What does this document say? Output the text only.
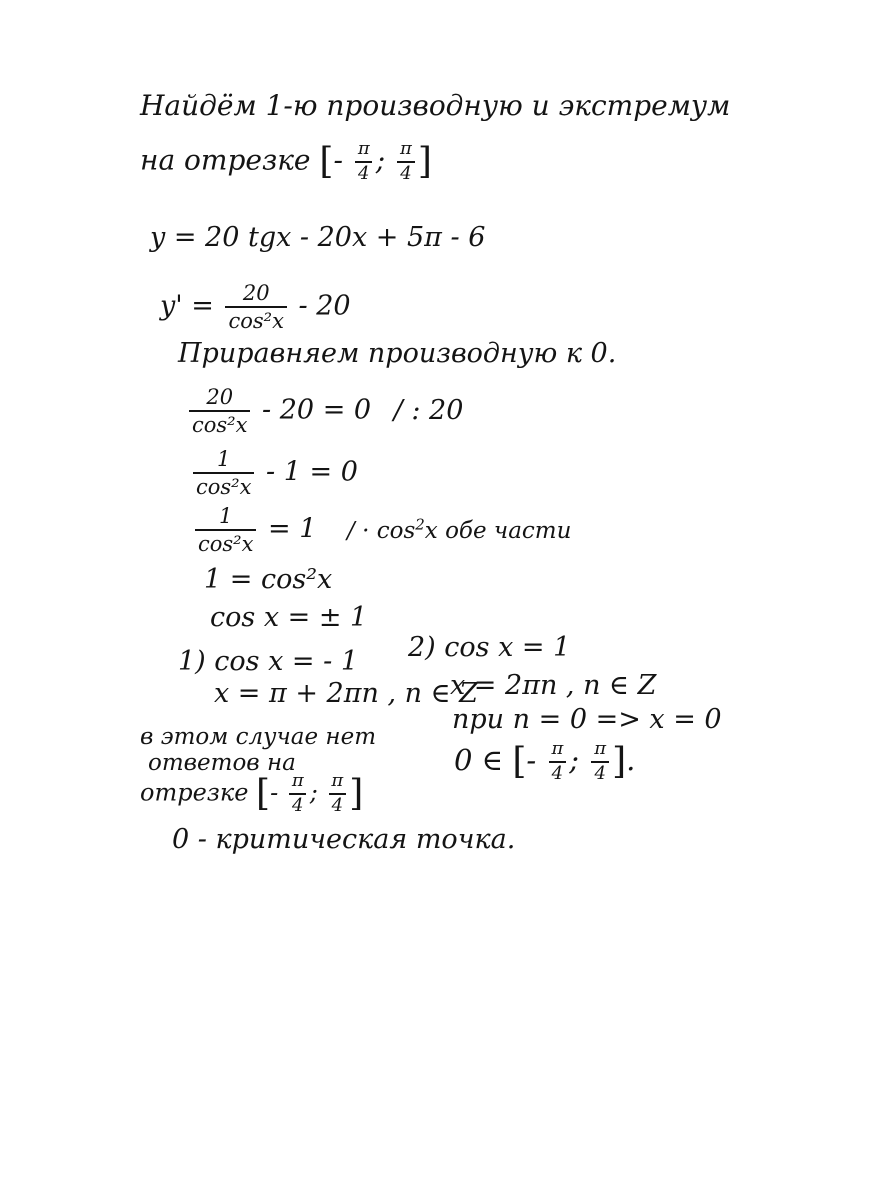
Найдём 1-ю производную и экстремум
на отрезке [- $\frac{\pi}{4}$ ; $\frac{\pi}{4}$ ]
y = 20 tgx - 20x + 5π - 6
$y' = \frac{20}{\text{cos²x}} - 20$
Приравняем производную к 0.
$\frac{20}{\text{cos²x}} - 20 = 0$ / : 20
$\frac{1}{\text{cos²x}} - 1 = 0$
$\frac{1}{\text{cos²x}} = 1$ / · $\cos^2x$ обе части
1 = cos²x
cos x = ± 1
1) cos x = - 1
x = π + 2πn , n ∈ Z
в этом случае нет
ответов на
отрезке [- $\frac{\pi}{4}$ ; $\frac{\pi}{4}$ ]
2) cos x = 1
x = 2πn , n ∈ Z
при n = 0 => x = 0
0 ∈ [- $\frac{\pi}{4}$ ; $\frac{\pi}{4}$ ].
0 - критическая точка.
